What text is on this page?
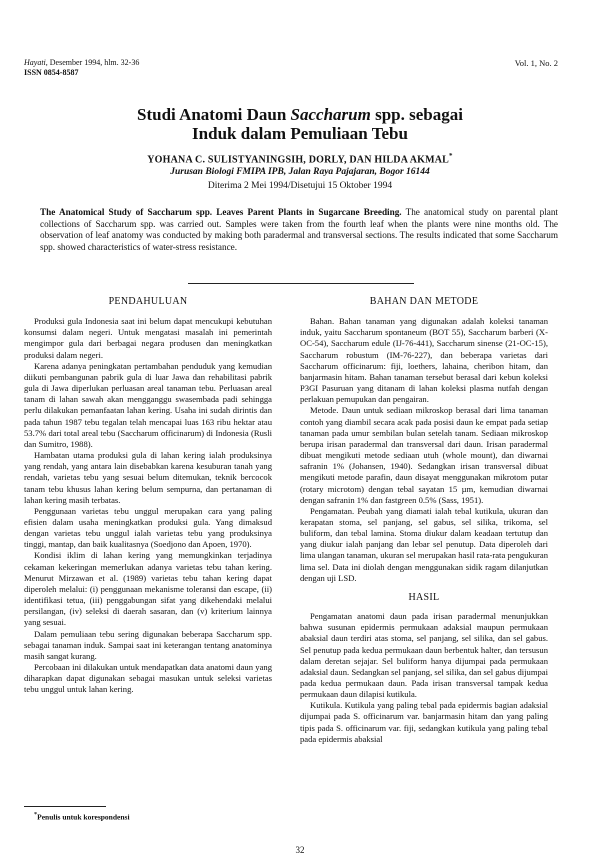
Hayati, Desember 1994, hlm. 32-36
ISSN 0854-8587
Vol. 1, No. 2
Studi Anatomi Daun Saccharum spp. sebagai
Induk dalam Pemuliaan Tebu
YOHANA C. SULISTYANINGSIH, DORLY, DAN HILDA AKMAL*
Jurusan Biologi FMIPA IPB, Jalan Raya Pajajaran, Bogor 16144
Diterima 2 Mei 1994/Disetujui 15 Oktober 1994
The Anatomical Study of Saccharum spp. Leaves Parent Plants in Sugarcane Breeding. The anatomical study on parental plant collections of Saccharum spp. was carried out. Samples were taken from the fourth leaf when the plants were nine months old. The observation of leaf anatomy was conducted by making both paradermal and transversal sections. The results indicated that some Saccharum spp. showed characteristics of water-stress resistance.
PENDAHULUAN

Produksi gula Indonesia saat ini belum dapat mencukupi kebutuhan konsumsi dalam negeri. Untuk mengatasi masalah ini pemerintah mengimpor gula dari berbagai negara produsen dan meningkatkan produksi dalam negeri.

Karena adanya peningkatan pertambahan penduduk yang kemudian diikuti pembangunan pabrik gula di luar Jawa dan rehabilitasi pabrik gula di Jawa diperlukan perluasan areal tanaman tebu. Perluasan areal tanam di lahan sawah akan mengganggu swasembada padi sehingga perlu dilakukan pemanfaatan lahan kering. Usaha ini sudah dirintis dan pada tahun 1987 tebu tegalan telah mencapai luas 163 ribu hektar atau 53.7% dari total areal tebu (Saccharum officinarum) di Indonesia (Rusli dan Sumitro, 1988).

Hambatan utama produksi gula di lahan kering ialah produksinya yang rendah, yang antara lain disebabkan karena kesuburan tanah yang rendah, varietas tebu yang sesuai belum ditemukan, teknik bercocok tanam tebu khusus lahan kering belum sempurna, dan pertanaman di lahan kering masih terbatas.

Penggunaan varietas tebu unggul merupakan cara yang paling efisien dalam usaha meningkatkan produksi gula. Yang dimaksud dengan varietas tebu unggul ialah varietas tebu yang produksinya tinggi, mantap, dan baik kualitasnya (Soedjono dan Apoen, 1970).

Kondisi iklim di lahan kering yang memungkinkan terjadinya cekaman kekeringan memerlukan adanya varietas tebu tahan kering. Menurut Mirzawan et al. (1989) varietas tebu tahan kering dapat diperoleh melalui: (i) penggunaan mekanisme toleransi dan escape, (ii) identifikasi tetua, (iii) penggabungan sifat yang dikehendaki melalui persilangan, (iv) seleksi di daerah sasaran, dan (v) kriterium lainnya yang sesuai.

Dalam pemuliaan tebu sering digunakan beberapa Saccharum spp. sebagai tanaman induk. Sampai saat ini keterangan tentang anatominya masih sangat kurang.

Percobaan ini dilakukan untuk mendapatkan data anatomi daun yang diharapkan dapat digunakan sebagai masukan untuk seleksi varietas tebu unggul untuk lahan kering.

BAHAN DAN METODE

Bahan. Bahan tanaman yang digunakan adalah koleksi tanaman induk, yaitu Saccharum spontaneum (BOT 55), Saccharum barberi (X-OC-54), Saccharum edule (IJ-76-441), Saccharum sinense (21-OC-15), Saccharum robustum (IM-76-227), dan beberapa varietas dari Saccharum officinarum: fiji, loethers, lahaina, cheribon hitam, dan banjarmasin hitam. Bahan tanaman tersebut berasal dari kebun koleksi P3GI Pasuruan yang ditanam di lahan koleksi plasma nutfah dengan perlakuan pemupukan dan pengairan.

Metode. Daun untuk sediaan mikroskop berasal dari lima tanaman contoh yang diambil secara acak pada posisi daun ke empat pada setiap tanaman pada umur sembilan bulan setelah tanam. Sediaan mikroskop berupa irisan paradermal dan transversal dari daun. Irisan paradermal dibuat mengikuti metode sediaan utuh (whole mount), dan diwarnai safranin 1% (Johansen, 1940). Sedangkan irisan transversal dibuat mengikuti metode parafin, daun disayat menggunakan mikrotom putar (rotary microtom) dengan tebal sayatan 15 µm, kemudian diwarnai dengan safranin 1% dan fastgreen 0.5% (Sass, 1951).

Pengamatan. Peubah yang diamati ialah tebal kutikula, ukuran dan kerapatan stoma, sel panjang, sel gabus, sel silika, trikoma, sel buliform, dan tebal lamina. Stoma diukur dalam keadaan tertutup dan yang diukur ialah panjang dan lebar sel penutup. Data diperoleh dari lima ulangan tanaman, ukuran sel merupakan hasil rata-rata pengukuran lima sel. Data ini diolah dengan menggunakan sidik ragam dilanjutkan dengan uji LSD.

HASIL

Pengamatan anatomi daun pada irisan paradermal menunjukkan bahwa susunan epidermis permukaan adaksial maupun permukaan abaksial daun terdiri atas stoma, sel panjang, sel silika, dan sel gabus. Sel penutup pada kedua permukaan daun berbentuk halter, dan tersusun dalam deretan sejajar. Sel buliform hanya dijumpai pada permukaan adaksial daun. Sedangkan sel panjang, sel silika, dan sel gabus dijumpai pada kedua permukaan daun. Pada irisan transversal tampak kedua permukaan daun dilapisi kutikula.

Kutikula. Kutikula yang paling tebal pada epidermis bagian adaksial dijumpai pada S. officinarum var. banjarmasin hitam dan yang paling tipis pada S. officinarum var. fiji, sedangkan kutikula yang paling tebal pada epidermis abaksial

*Penulis untuk korespondensi
32
